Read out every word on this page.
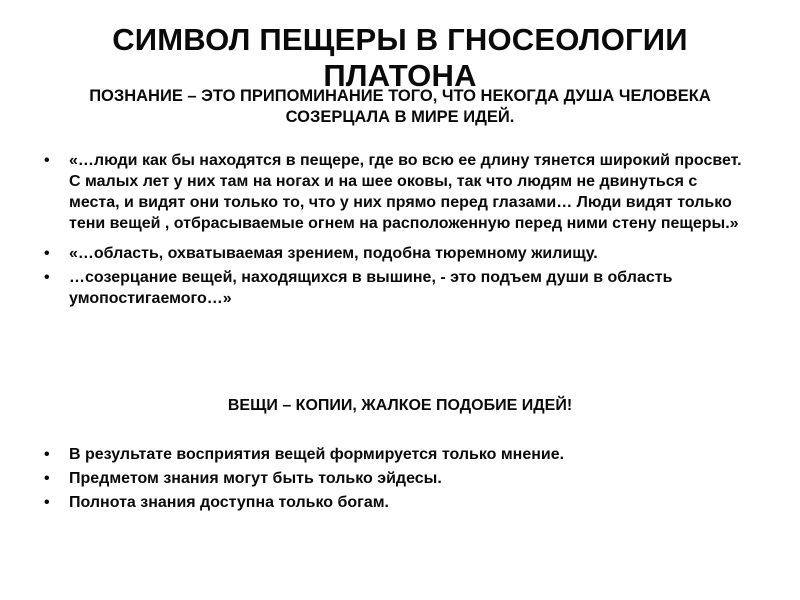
СИМВОЛ ПЕЩЕРЫ В ГНОСЕОЛОГИИ ПЛАТОНА

ПОЗНАНИЕ – ЭТО ПРИПОМИНАНИЕ ТОГО, ЧТО НЕКОГДА ДУША ЧЕЛОВЕКА СОЗЕРЦАЛА В МИРЕ ИДЕЙ.

• «…люди как бы находятся в пещере, где во всю ее длину тянется широкий просвет. С малых лет у них там на ногах и на шее оковы, так что людям не двинуться с места, и видят они только то, что у них прямо перед глазами… Люди видят только тени вещей , отбрасываемые огнем на расположенную перед ними стену пещеры.»
• «…область, охватываемая зрением, подобна тюремному жилищу.
• …созерцание вещей, находящихся в вышине, - это подъем души в область умопостигаемого…»

ВЕЩИ – КОПИИ, ЖАЛКОЕ ПОДОБИЕ ИДЕЙ!

• В результате восприятия вещей формируется только мнение.
• Предметом знания могут быть только эйдесы.
• Полнота знания доступна только богам.
